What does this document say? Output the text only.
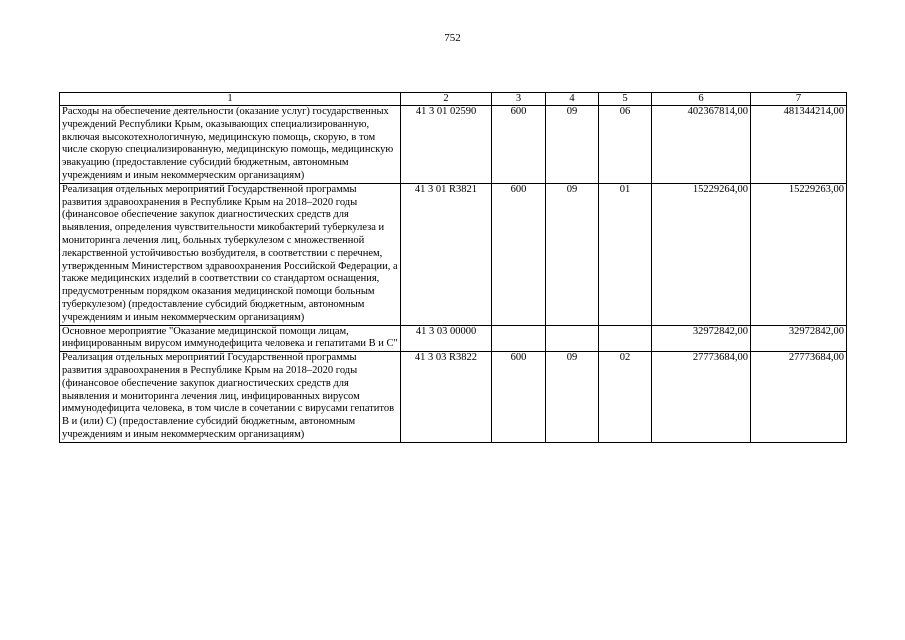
752
1	2	3	4	5	6	7
Расходы на обеспечение деятельности (оказание услуг) государственных учреждений Республики Крым, оказывающих специализированную, включая высокотехнологичную, медицинскую помощь, скорую, в том числе скорую специализированную, медицинскую помощь, медицинскую эвакуацию (предоставление субсидий бюджетным, автономным учреждениям и иным некоммерческим организациям)	41 3 01 02590	600	09	06	402367814,00	481344214,00
Реализация отдельных мероприятий Государственной программы развития здравоохранения в Республике Крым на 2018–2020 годы (финансовое обеспечение закупок диагностических средств для выявления, определения чувствительности микобактерий туберкулеза и мониторинга лечения лиц, больных туберкулезом с множественной лекарственной устойчивостью возбудителя, в соответствии с перечнем, утвержденным Министерством здравоохранения Российской Федерации, а также медицинских изделий в соответствии со стандартом оснащения, предусмотренным порядком оказания медицинской помощи больным туберкулезом) (предоставление субсидий бюджетным, автономным учреждениям и иным некоммерческим организациям)	41 3 01 R3821	600	09	01	15229264,00	15229263,00
Основное мероприятие "Оказание медицинской помощи лицам, инфицированным вирусом иммунодефицита человека и гепатитами В и С"	41 3 03 00000				32972842,00	32972842,00
Реализация отдельных мероприятий Государственной программы развития здравоохранения в Республике Крым на 2018–2020 годы (финансовое обеспечение закупок диагностических средств для выявления и мониторинга лечения лиц, инфицированных вирусом иммунодефицита человека, в том числе в сочетании с вирусами гепатитов В и (или) С) (предоставление субсидий бюджетным, автономным учреждениям и иным некоммерческим организациям)	41 3 03 R3822	600	09	02	27773684,00	27773684,00
